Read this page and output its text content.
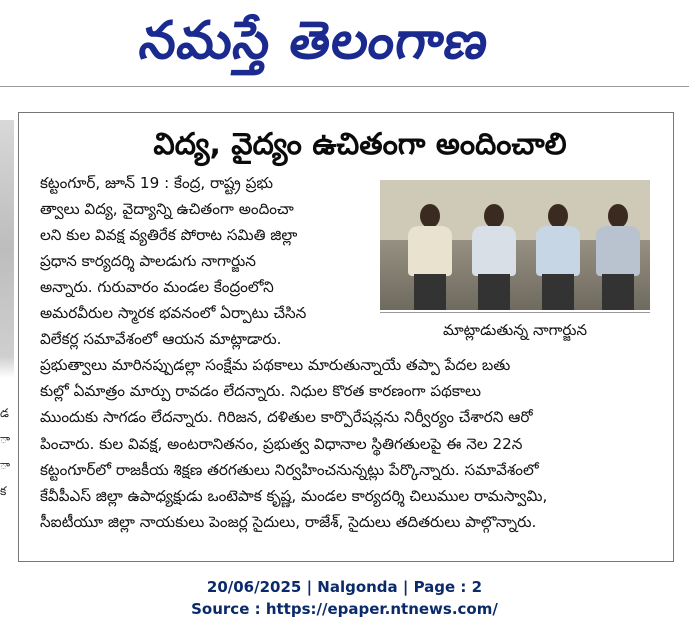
నమస్తే తెలంగాణ
డ
ా
ా
క
విద్య, వైద్యం ఉచితంగా అందించాలి
కట్టంగూర్, జూన్ 19 : కేంద్ర, రాష్ట్ర ప్రభు
త్వాలు విద్య, వైద్యాన్ని ఉచితంగా అందించా
లని కుల వివక్ష వ్యతిరేక పోరాట సమితి జిల్లా
ప్రధాన కార్యదర్శి పాలడుగు నాగార్జున
అన్నారు. గురువారం మండల కేంద్రంలోని
అమరవీరుల స్మారక భవనంలో ఏర్పాటు చేసిన
విలేకర్ల సమావేశంలో ఆయన మాట్లాడారు.	మాట్లాడుతున్న నాగార్జున
ప్రభుత్వాలు మారినప్పుడల్లా సంక్షేమ పథకాలు మారుతున్నాయే తప్పా పేదల బతు
కుల్లో ఏమాత్రం మార్పు రావడం లేదన్నారు. నిధుల కొరత కారణంగా పథకాలు
ముందుకు సాగడం లేదన్నారు. గిరిజన, దళితుల కార్పొరేషన్లను నిర్వీర్యం చేశారని ఆరో
పించారు. కుల వివక్ష, అంటరానితనం, ప్రభుత్వ విధానాల స్థితిగతులపై ఈ నెల 22న
కట్టంగూర్‌లో రాజకీయ శిక్షణ తరగతులు నిర్వహించనున్నట్లు పేర్కొన్నారు. సమావేశంలో
కేవీపీఎస్ జిల్లా ఉపాధ్యక్షుడు ఒంటెపాక కృష్ణ, మండల కార్యదర్శి చిలుముల రామస్వామి,
సీఐటీయూ జిల్లా నాయకులు పెంజర్ల సైదులు, రాజేశ్, సైదులు తదితరులు పాల్గొన్నారు.
20/06/2025 | Nalgonda | Page : 2
Source : https://epaper.ntnews.com/
